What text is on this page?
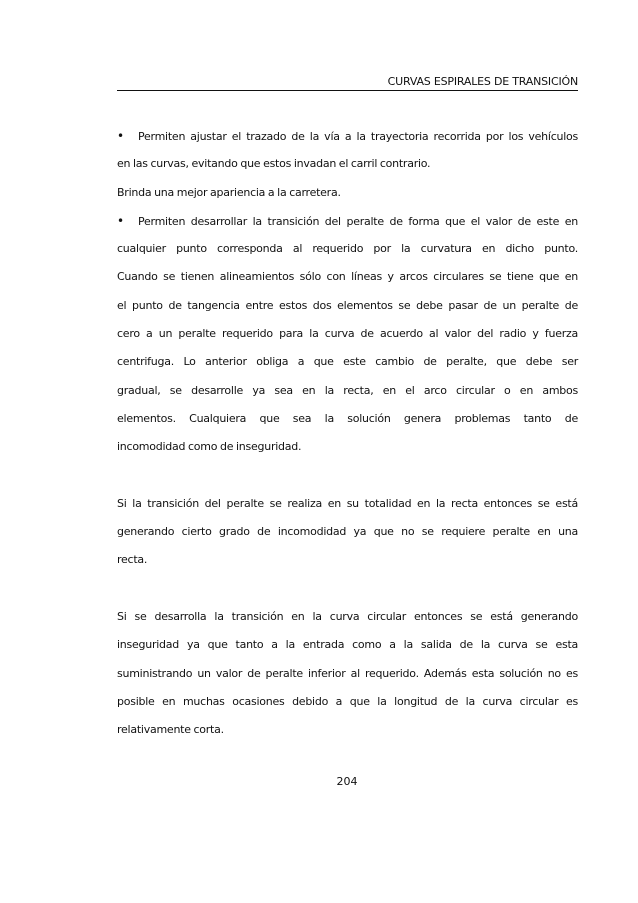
CURVAS ESPIRALES DE TRANSICIÓN
• Permiten ajustar el trazado de la vía a la trayectoria recorrida por los vehículos
en las curvas, evitando que estos invadan el carril contrario.
Brinda una mejor apariencia a la carretera.
• Permiten desarrollar la transición del peralte de forma que el valor de este en
cualquier punto corresponda al requerido por la curvatura en dicho punto.
Cuando se tienen alineamientos sólo con líneas y arcos circulares se tiene que en
el punto de tangencia entre estos dos elementos se debe pasar de un peralte de
cero a un peralte requerido para la curva de acuerdo al valor del radio y fuerza
centrifuga. Lo anterior obliga a que este cambio de peralte, que debe ser
gradual, se desarrolle ya sea en la recta, en el arco circular o en ambos
elementos. Cualquiera que sea la solución genera problemas tanto de
incomodidad como de inseguridad.
Si la transición del peralte se realiza en su totalidad en la recta entonces se está
generando cierto grado de incomodidad ya que no se requiere peralte en una
recta.
Si se desarrolla la transición en la curva circular entonces se está generando
inseguridad ya que tanto a la entrada como a la salida de la curva se esta
suministrando un valor de peralte inferior al requerido. Además esta solución no es
posible en muchas ocasiones debido a que la longitud de la curva circular es
relativamente corta.
204
